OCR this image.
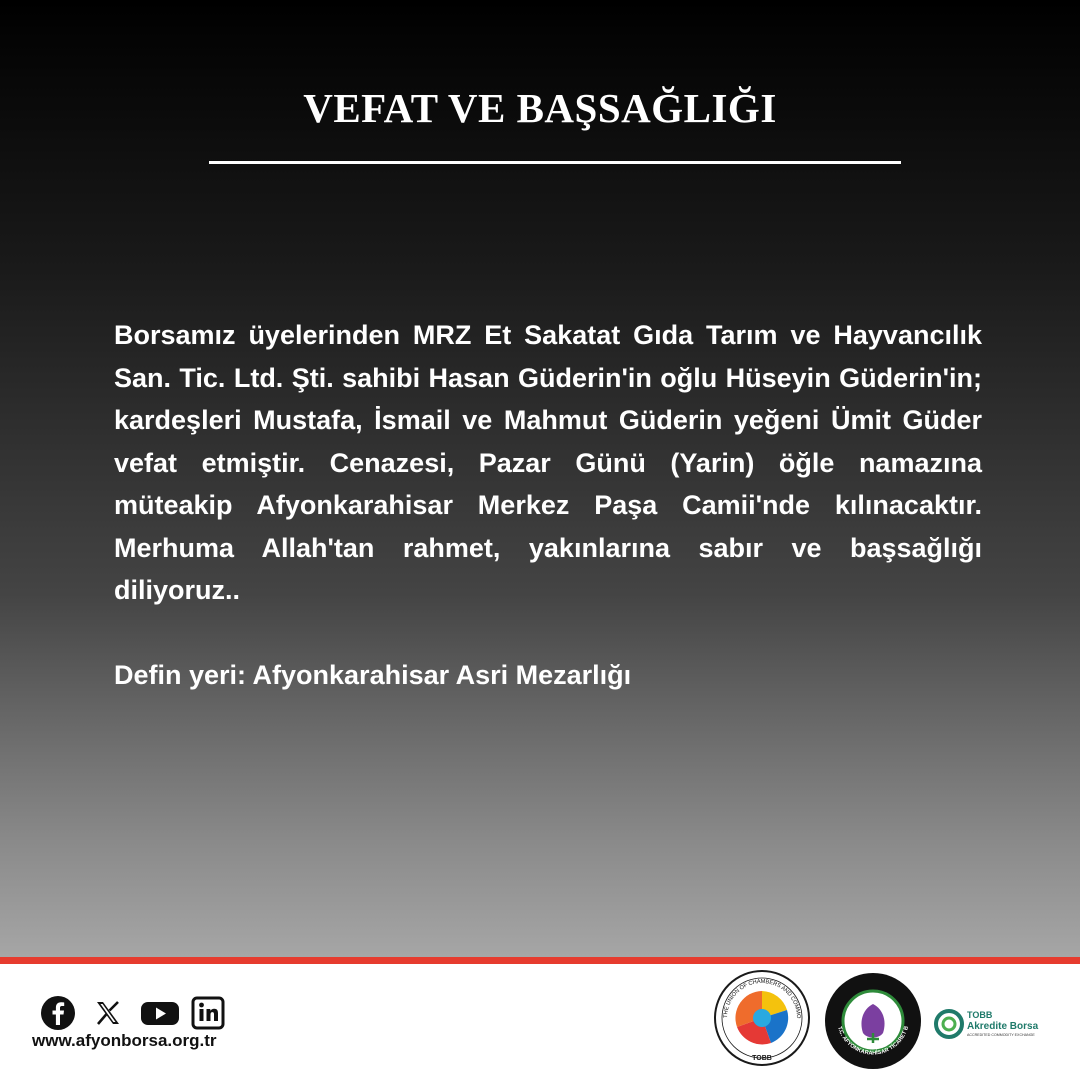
VEFAT VE BAŞSAĞLIĞI

Borsamız üyelerinden MRZ Et Sakatat Gıda Tarım ve Hayvancılık San. Tic. Ltd. Şti. sahibi Hasan Güderin'in oğlu Hüseyin Güderin'in; kardeşleri Mustafa, İsmail ve Mahmut Güderin yeğeni Ümit Güder vefat etmiştir. Cenazesi, Pazar Günü (Yarin) öğle namazına müteakip Afyonkarahisar Merkez Paşa Camii'nde kılınacaktır. Merhuma Allah'tan rahmet, yakınlarına sabır ve başsağlığı diliyoruz..

Defin yeri: Afyonkarahisar Asri Mezarlığı

www.afyonborsa.org.tr
THE UNION OF CHAMBERS AND COMMO
TOBB
1991
T.C. AFYONKARAHİSAR TİCARET B
TOBB
Akredite Borsa
ACCREDITED COMMODITY EXCHANGE
